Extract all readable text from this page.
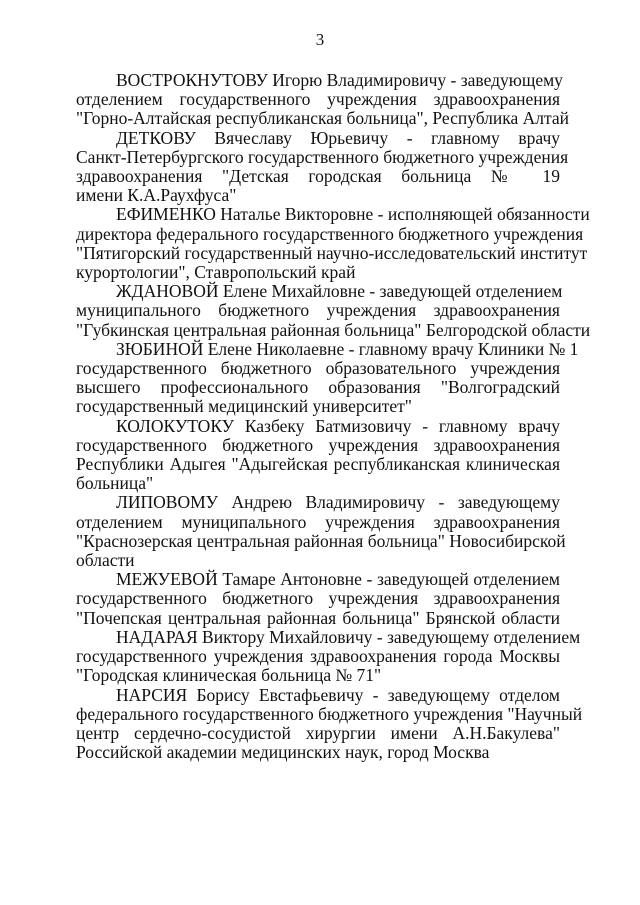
3
ВОСТРОКНУТОВУ Игорю Владимировичу - заведующему
отделением государственного учреждения здравоохранения
"Горно-Алтайская республиканская больница", Республика Алтай
ДЕТКОВУ Вячеславу Юрьевичу - главному врачу
Санкт-Петербургского государственного бюджетного учреждения
здравоохранения "Детская городская больница № 19
имени К.А.Раухфуса"
ЕФИМЕНКО Наталье Викторовне - исполняющей обязанности
директора федерального государственного бюджетного учреждения
"Пятигорский государственный научно-исследовательский институт
курортологии", Ставропольский край
ЖДАНОВОЙ Елене Михайловне - заведующей отделением
муниципального бюджетного учреждения здравоохранения
"Губкинская центральная районная больница" Белгородской области
ЗЮБИНОЙ Елене Николаевне - главному врачу Клиники № 1
государственного бюджетного образовательного учреждения
высшего профессионального образования "Волгоградский
государственный медицинский университет"
КОЛОКУТОКУ Казбеку Батмизовичу - главному врачу
государственного бюджетного учреждения здравоохранения
Республики Адыгея "Адыгейская республиканская клиническая
больница"
ЛИПОВОМУ Андрею Владимировичу - заведующему
отделением муниципального учреждения здравоохранения
"Краснозерская центральная районная больница" Новосибирской
области
МЕЖУЕВОЙ Тамаре Антоновне - заведующей отделением
государственного бюджетного учреждения здравоохранения
"Почепская центральная районная больница" Брянской области
НАДАРАЯ Виктору Михайловичу - заведующему отделением
государственного учреждения здравоохранения города Москвы
"Городская клиническая больница № 71"
НАРСИЯ Борису Евстафьевичу - заведующему отделом
федерального государственного бюджетного учреждения "Научный
центр сердечно-сосудистой хирургии имени А.Н.Бакулева"
Российской академии медицинских наук, город Москва
